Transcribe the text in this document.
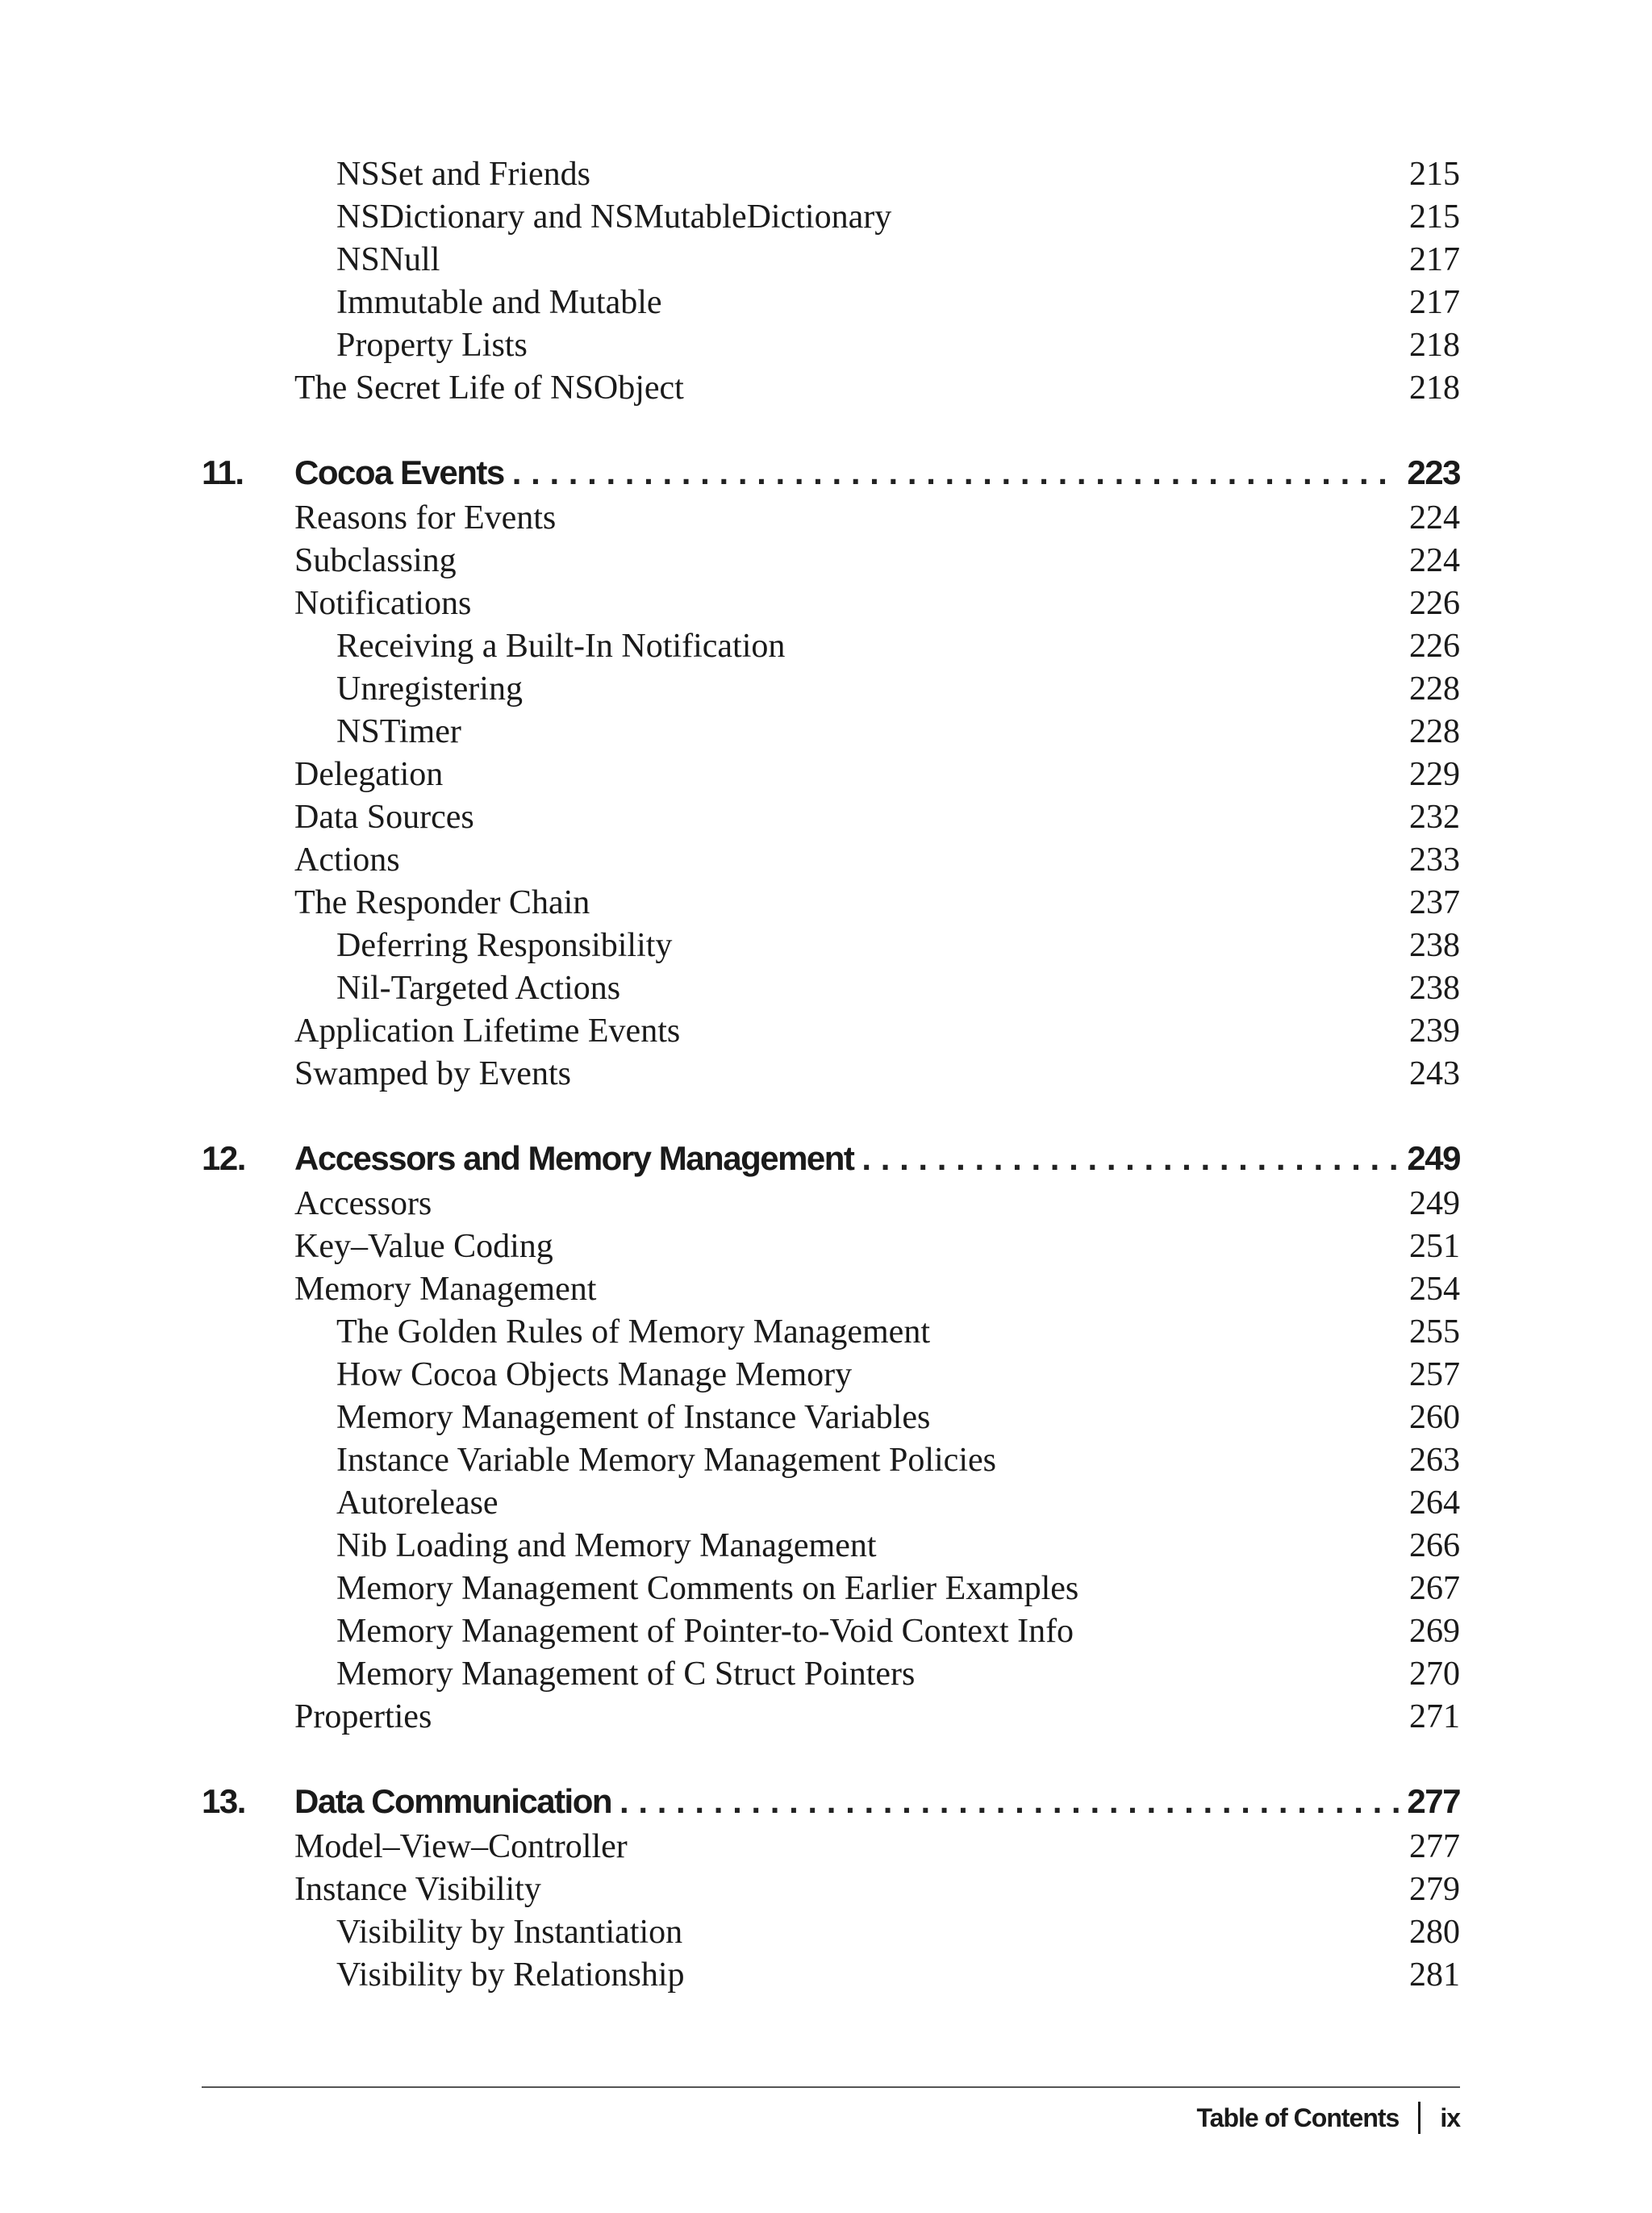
NSSet and Friends	215
NSDictionary and NSMutableDictionary	215
NSNull	217
Immutable and Mutable	217
Property Lists	218
The Secret Life of NSObject	218
11.	Cocoa Events . . .	223
Reasons for Events	224
Subclassing	224
Notifications	226
Receiving a Built-In Notification	226
Unregistering	228
NSTimer	228
Delegation	229
Data Sources	232
Actions	233
The Responder Chain	237
Deferring Responsibility	238
Nil-Targeted Actions	238
Application Lifetime Events	239
Swamped by Events	243
12.	Accessors and Memory Management . . .	249
Accessors	249
Key–Value Coding	251
Memory Management	254
The Golden Rules of Memory Management	255
How Cocoa Objects Manage Memory	257
Memory Management of Instance Variables	260
Instance Variable Memory Management Policies	263
Autorelease	264
Nib Loading and Memory Management	266
Memory Management Comments on Earlier Examples	267
Memory Management of Pointer-to-Void Context Info	269
Memory Management of C Struct Pointers	270
Properties	271
13.	Data Communication . . .	277
Model–View–Controller	277
Instance Visibility	279
Visibility by Instantiation	280
Visibility by Relationship	281
Table of Contents ix
